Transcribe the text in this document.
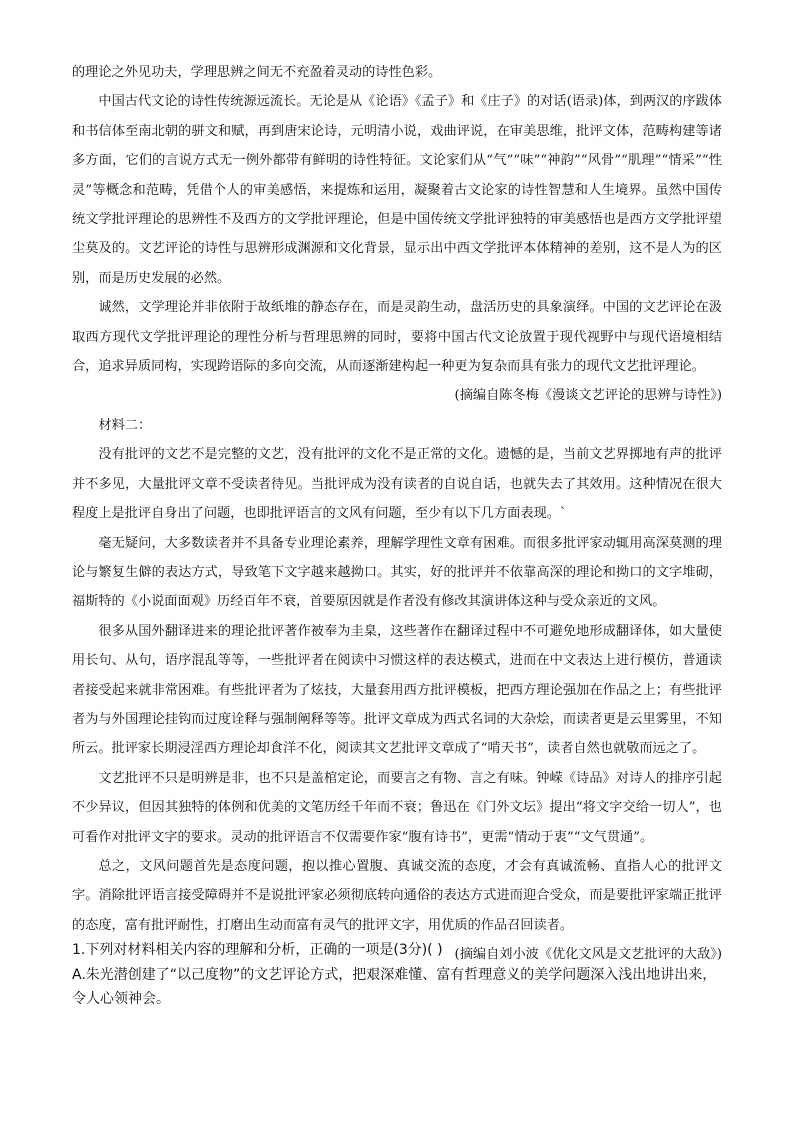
的理论之外见功夫，学理思辨之间无不充盈着灵动的诗性色彩。

中国古代文论的诗性传统源远流长。无论是从《论语》《孟子》和《庄子》的对话(语录)体，到两汉的序跋体和书信体至南北朝的骈文和赋，再到唐宋论诗，元明清小说，戏曲评说，在审美思维，批评文体，范畴构建等诸多方面，它们的言说方式无一例外都带有鲜明的诗性特征。文论家们从“气”“味”“神韵”“风骨”“肌理”“情采”“性灵”等概念和范畴，凭借个人的审美感悟，来提炼和运用，凝聚着古文论家的诗性智慧和人生境界。虽然中国传统文学批评理论的思辨性不及西方的文学批评理论，但是中国传统文学批评独特的审美感悟也是西方文学批评望尘莫及的。文艺评论的诗性与思辨形成渊源和文化背景，显示出中西文学批评本体精神的差别，这不是人为的区别，而是历史发展的必然。

诚然，文学理论并非依附于故纸堆的静态存在，而是灵韵生动，盘活历史的具象演绎。中国的文艺评论在汲取西方现代文学批评理论的理性分析与哲理思辨的同时，要将中国古代文论放置于现代视野中与现代语境相结合，追求异质同构，实现跨语际的多向交流，从而逐渐建构起一种更为复杂而具有张力的现代文艺批评理论。

(摘编自陈冬梅《漫谈文艺评论的思辨与诗性》)

材料二：

没有批评的文艺不是完整的文艺，没有批评的文化不是正常的文化。遗憾的是，当前文艺界掷地有声的批评并不多见，大量批评文章不受读者待见。当批评成为没有读者的自说自话，也就失去了其效用。这种情况在很大程度上是批评自身出了问题，也即批评语言的文风有问题，至少有以下几方面表现。`

毫无疑问，大多数读者并不具备专业理论素养，理解学理性文章有困难。而很多批评家动辄用高深莫测的理论与繁复生僻的表达方式，导致笔下文字越来越拗口。其实，好的批评并不依靠高深的理论和拗口的文字堆砌，福斯特的《小说面面观》历经百年不衰，首要原因就是作者没有修改其演讲体这种与受众亲近的文风。

很多从国外翻译进来的理论批评著作被奉为圭臬，这些著作在翻译过程中不可避免地形成翻译体，如大量使用长句、从句，语序混乱等等，一些批评者在阅读中习惯这样的表达模式，进而在中文表达上进行模仿，普通读者接受起来就非常困难。有些批评者为了炫技，大量套用西方批评模板，把西方理论强加在作品之上；有些批评者为与外国理论挂钩而过度诠释与强制阐释等等。批评文章成为西式名词的大杂烩，而读者更是云里雾里，不知所云。批评家长期浸淫西方理论却食洋不化，阅读其文艺批评文章成了“啃天书”，读者自然也就敬而远之了。

文艺批评不只是明辨是非，也不只是盖棺定论，而要言之有物、言之有味。钟嵘《诗品》对诗人的排序引起不少异议，但因其独特的体例和优美的文笔历经千年而不衰；鲁迅在《门外文坛》提出“将文字交给一切人”，也可看作对批评文字的要求。灵动的批评语言不仅需要作家“腹有诗书”，更需“情动于衷”“文气贯通”。

总之，文风问题首先是态度问题，抱以推心置腹、真诚交流的态度，才会有真诚流畅、直指人心的批评文字。消除批评语言接受障碍并不是说批评家必须彻底转向通俗的表达方式进而迎合受众，而是要批评家端正批评的态度，富有批评耐性，打磨出生动而富有灵气的批评文字，用优质的作品召回读者。

(摘编自刘小波《优化文风是文艺批评的大敌》)

1.下列对材料相关内容的理解和分析，正确的一项是(3分)( )

A.朱光潜创建了“以己度物”的文艺评论方式，把艰深难懂、富有哲理意义的美学问题深入浅出地讲出来，令人心领神会。
